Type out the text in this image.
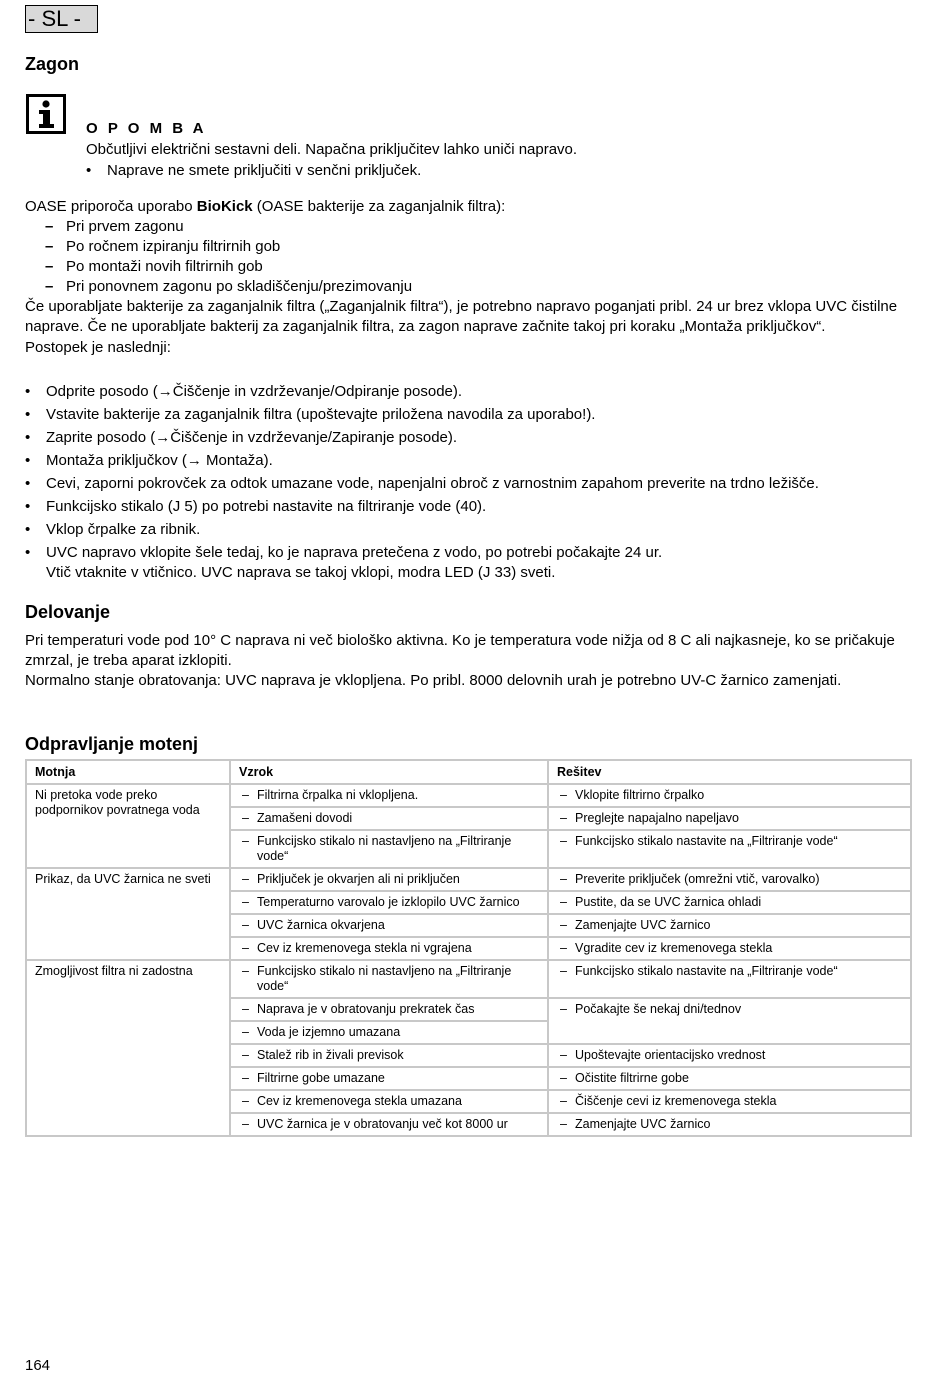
- SL -
Zagon
O P O M B A
Občutljivi električni sestavni deli. Napačna priključitev lahko uniči napravo.
• Naprave ne smete priključiti v senčni priključek.
OASE priporoča uporabo BioKick (OASE bakterije za zaganjalnik filtra):
– Pri prvem zagonu
– Po ročnem izpiranju filtrirnih gob
– Po montaži novih filtrirnih gob
– Pri ponovnem zagonu po skladiščenju/prezimovanju
Če uporabljate bakterije za zaganjalnik filtra („Zaganjalnik filtra“), je potrebno napravo poganjati pribl. 24 ur brez vklopa UVC čistilne naprave. Če ne uporabljate bakterij za zaganjalnik filtra, za zagon naprave začnite takoj pri koraku „Montaža priključkov“.
Postopek je naslednji:
• Odprite posodo (→Čiščenje in vzdrževanje/Odpiranje posode).
• Vstavite bakterije za zaganjalnik filtra (upoštevajte priložena navodila za uporabo!).
• Zaprite posodo (→Čiščenje in vzdrževanje/Zapiranje posode).
• Montaža priključkov (→ Montaža).
• Cevi, zaporni pokrovček za odtok umazane vode, napenjalni obroč z varnostnim zapahom preverite na trdno ležišče.
• Funkcijsko stikalo (J 5) po potrebi nastavite na filtriranje vode (40).
• Vklop črpalke za ribnik.
• UVC napravo vklopite šele tedaj, ko je naprava pretečena z vodo, po potrebi počakajte 24 ur.
Vtič vtaknite v vtičnico. UVC naprava se takoj vklopi, modra LED (J 33) sveti.
Delovanje
Pri temperaturi vode pod 10° C naprava ni več biološko aktivna. Ko je temperatura vode nižja od 8 C ali najkasneje, ko se pričakuje zmrzal, je treba aparat izklopiti.
Normalno stanje obratovanja: UVC naprava je vklopljena. Po pribl. 8000 delovnih urah je potrebno UV-C žarnico zamenjati.
Odpravljanje motenj
Motnja	Vzrok	Rešitev
Ni pretoka vode preko podpornikov povratnega voda	– Filtrirna črpalka ni vklopljena.	– Vklopite filtrirno črpalko

	– Zamašeni dovodi	– Preglejte napajalno napeljavo

	– Funkcijsko stikalo ni nastavljeno na „Filtriranje vode“	– Funkcijsko stikalo nastavite na „Filtriranje vode“

Prikaz, da UVC žarnica ne sveti	– Priključek je okvarjen ali ni priključen	– Preverite priključek (omrežni vtič, varovalko)

	– Temperaturno varovalo je izklopilo UVC žarnico	– Pustite, da se UVC žarnica ohladi

	– UVC žarnica okvarjena	– Zamenjajte UVC žarnico

	– Cev iz kremenovega stekla ni vgrajena	– Vgradite cev iz kremenovega stekla

Zmogljivost filtra ni zadostna	– Funkcijsko stikalo ni nastavljeno na „Filtriranje vode“	– Funkcijsko stikalo nastavite na „Filtriranje vode“

	– Naprava je v obratovanju prekratek čas	– Počakajte še nekaj dni/tednov

	– Voda je izjemno umazana

	– Stalež rib in živali previsok	– Upoštevajte orientacijsko vrednost

	– Filtrirne gobe umazane	– Očistite filtrirne gobe

	– Cev iz kremenovega stekla umazana	– Čiščenje cevi iz kremenovega stekla

	– UVC žarnica je v obratovanju več kot 8000 ur	– Zamenjajte UVC žarnico
164
